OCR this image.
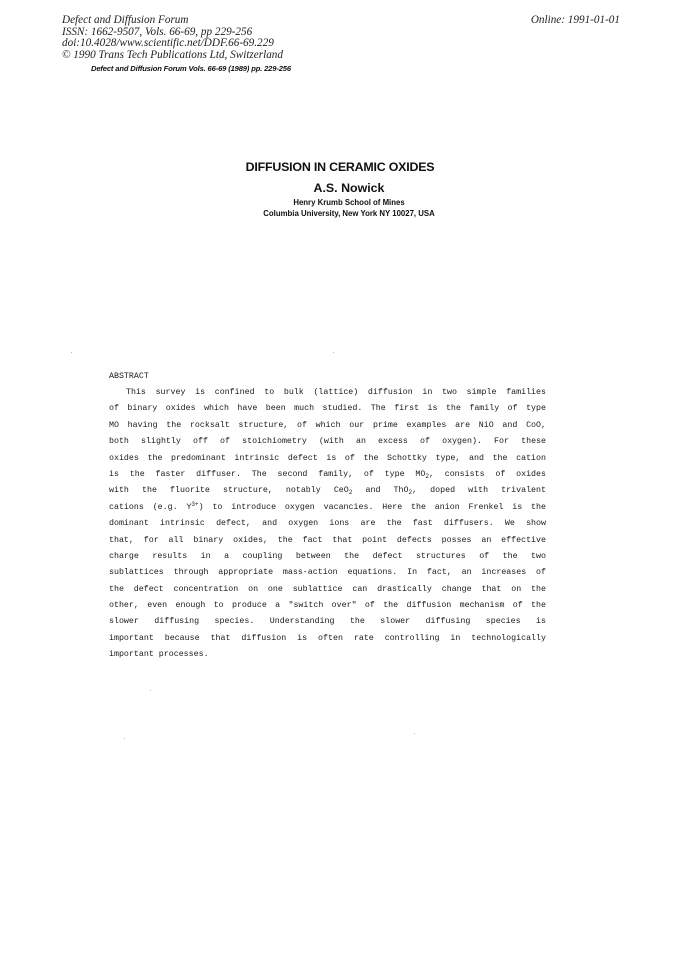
Defect and Diffusion Forum
ISSN: 1662-9507, Vols. 66-69, pp 229-256
doi:10.4028/www.scientific.net/DDF.66-69.229
© 1990 Trans Tech Publications Ltd, Switzerland
Online: 1991-01-01
Defect and Diffusion Forum Vols. 66-69 (1989) pp. 229-256
DIFFUSION IN CERAMIC OXIDES
A.S. Nowick
Henry Krumb School of Mines
Columbia University, New York NY 10027, USA
ABSTRACT
This survey is confined to bulk (lattice) diffusion in two simple families
of binary oxides which have been much studied. The first is the family of type
MO having the rocksalt structure, of which our prime examples are NiO and CoO,
both slightly off of stoichiometry (with an excess of oxygen). For these
oxides the predominant intrinsic defect is of the Schottky type, and the cation
is the faster diffuser. The second family, of type $MO_2$, consists of oxides
with the fluorite structure, notably CeO$_2$ and ThO$_2$, doped with trivalent
cations (e.g. $Y^{3+}$) to introduce oxygen vacancies. Here the anion Frenkel is the
dominant intrinsic defect, and oxygen ions are the fast diffusers. We show
that, for all binary oxides, the fact that point defects posses an effective
charge results in a coupling between the defect structures of the two
sublattices through appropriate mass-action equations. In fact, an increases of
the defect concentration on one sublattice can drastically change that on the
other, even enough to produce a "switch over" of the diffusion mechanism of the
slower diffusing species. Understanding the slower diffusing species is
important because that diffusion is often rate controlling in technologically
important processes.
